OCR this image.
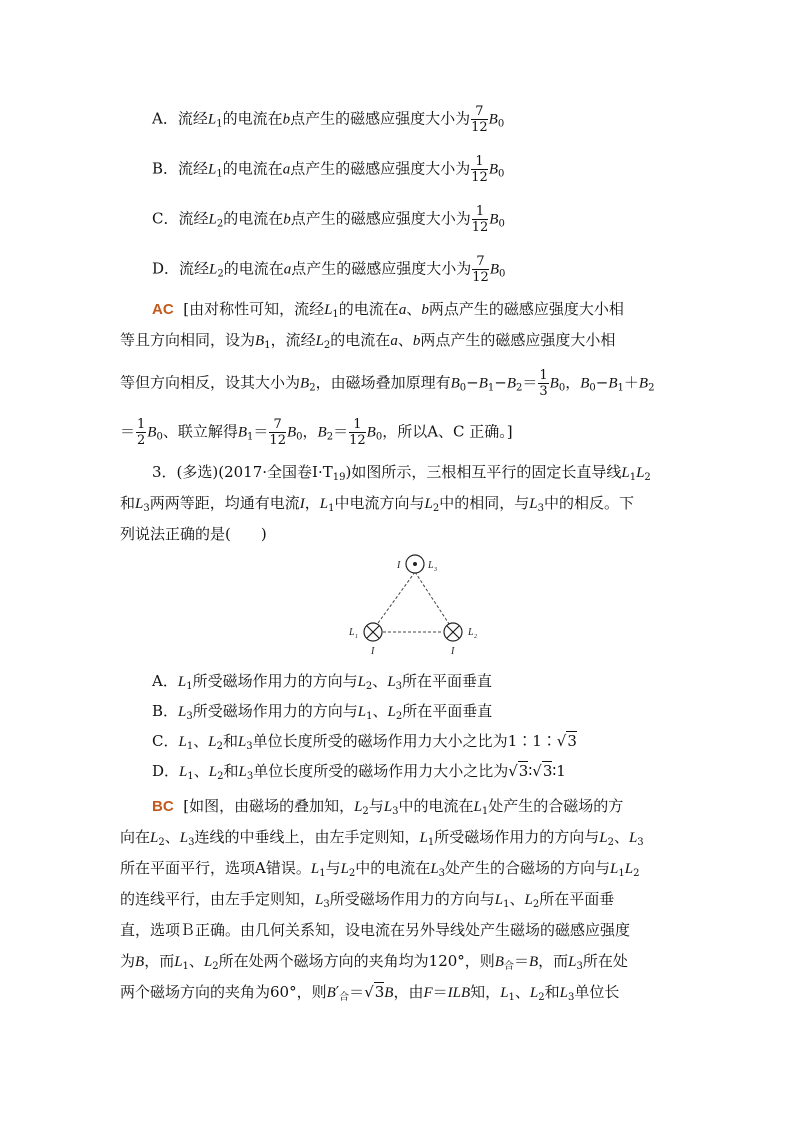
A．流经$L_1$的电流在b点产生的磁感应强度大小为 $\frac{7}{12} B_0$
B．流经$L_1$的电流在a点产生的磁感应强度大小为 $\frac{1}{12} B_0$
C．流经$L_2$的电流在b点产生的磁感应强度大小为 $\frac{1}{12} B_0$
D．流经$L_2$的电流在a点产生的磁感应强度大小为 $\frac{7}{12} B_0$
AC [由对称性可知，流经$L_1$的电流在a、b两点产生的磁感应强度大小相
等且方向相同，设为$B_1$，流经$L_2$的电流在a、b两点产生的磁感应强度大小相
等但方向相反，设其大小为$B_2$，由磁场叠加原理有$B_0-B_1-B_2= \frac{1}{3} B_0$，$B_0-B_1+B_2$
＝ $\frac{1}{2} B_0$、联立解得$B_1= \frac{7}{12} B_0$，$B_2= \frac{1}{12} B_0$，所以A、C 正确。]
3．(多选)(2017·全国卷$Ⅰ\cdot T_{19}$)如图所示，三根相互平行的固定长直导线$L_1L_2$
和$L_3$两两等距，均通有电流I，$L_1$中电流方向与$L_2$中的相同，与$L_3$中的相反。下
列说法正确的是(　　)
I	L 3
L 1	L 2
I	I
A．$L_1$所受磁场作用力的方向与$L_2$、$L_3$所在平面垂直
B．$L_3$所受磁场作用力的方向与$L_1$、$L_2$所在平面垂直
C．$L_1$、$L_2$和$L_3$单位长度所受的磁场作用力大小之比为1∶1∶√3
D．$L_1$、$L_2$和$L_3$单位长度所受的磁场作用力大小之比为√3∶√3∶1
BC [如图，由磁场的叠加知，$L_2$与$L_3$中的电流在$L_1$处产生的合磁场的方
向在$L_2$、$L_3$连线的中垂线上，由左手定则知，$L_1$所受磁场作用力的方向与$L_2$、$L_3$
所在平面平行，选项A错误。$L_1$与$L_2$中的电流在$L_3$处产生的合磁场的方向与$L_1L_2$
的连线平行，由左手定则知，$L_3$所受磁场作用力的方向与$L_1$、$L_2$所在平面垂
直，选项Ｂ正确。由几何关系知，设电流在另外导线处产生磁场的磁感应强度
为B，而$L_1$、$L_2$所在处两个磁场方向的夹角均为120°，则$B_合=B$，而$L_3$所在处
两个磁场方向的夹角为60°，则$B'_合=√3B$，由F＝ILB知，$L_1$、$L_2$和$L_3$单位长
